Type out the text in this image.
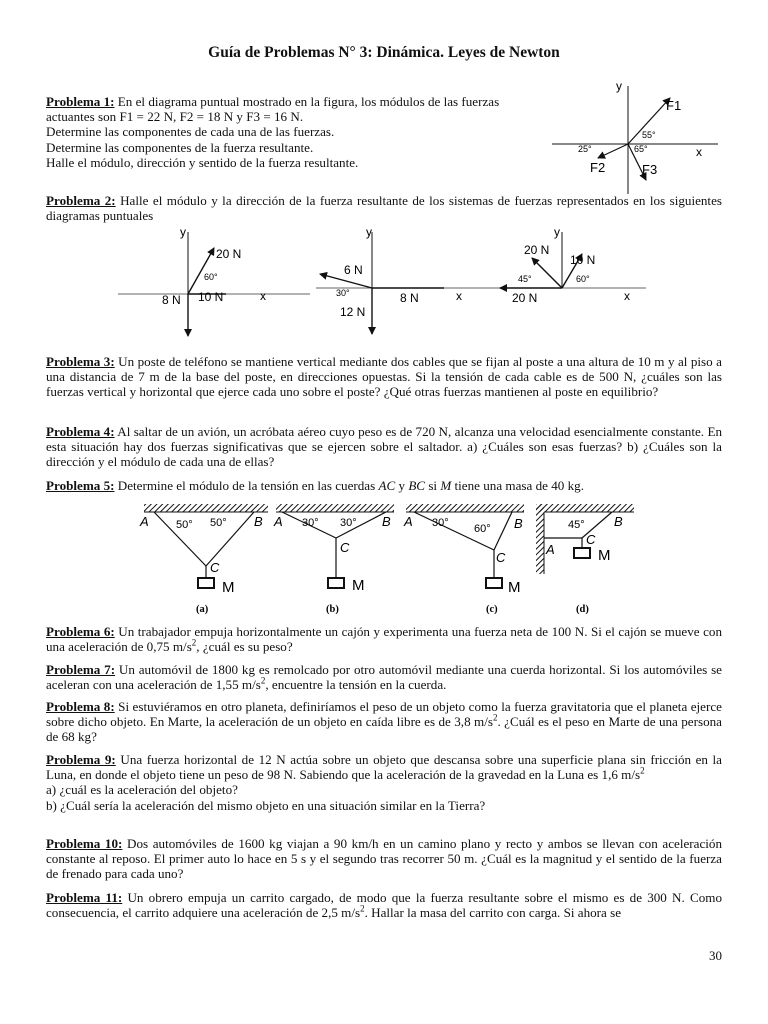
Guía de Problemas N° 3: Dinámica. Leyes de Newton
Problema 1: En el diagrama puntual mostrado en la figura, los módulos de las fuerzas
actuantes son F1 = 22 N, F2 = 18 N y F3 = 16 N.
Determine las componentes de cada una de las fuerzas.
Determine las componentes de la fuerza resultante.
Halle el módulo, dirección y sentido de la fuerza resultante.
y
x
F1
F2	F3
55°
25°	65°
Problema 2: Halle el módulo y la dirección de la fuerza resultante de los sistemas de fuerzas representados en los siguientes diagramas puntuales
y
x
20 N
60°
8 N 10 N
y
x
6 N
30°	8 N
12 N
y
x
20 N
10 N
45°	60°
20 N
Problema 3: Un poste de teléfono se mantiene vertical mediante dos cables que se fijan al poste a una altura de 10 m y al piso a una distancia de 7 m de la base del poste, en direcciones opuestas. Si la tensión de cada cable es de 500 N, ¿cuáles son las fuerzas vertical y horizontal que ejerce cada uno sobre el poste? ¿Qué otras fuerzas mantienen al poste en equilibrio?
Problema 4: Al saltar de un avión, un acróbata aéreo cuyo peso es de 720 N, alcanza una velocidad esencialmente constante. En esta situación hay dos fuerzas significativas que se ejercen sobre el saltador. a) ¿Cuáles son esas fuerzas? b) ¿Cuáles son la dirección y el módulo de cada una de ellas?
Problema 5: Determine el módulo de la tensión en las cuerdas AC y BC si M tiene una masa de 40 kg.
A	B
C
M
50° 50°
(a)
A	B
C
M
30° 30°
(b)
A	B
C
M
30° 60°
(c)
A
B
C
M
45°
(d)
Problema 6: Un trabajador empuja horizontalmente un cajón y experimenta una fuerza neta de 100 N. Si el cajón se mueve con una aceleración de 0,75 $m/s^2$, ¿cuál es su peso?
Problema 7: Un automóvil de 1800 kg es remolcado por otro automóvil mediante una cuerda horizontal. Si los automóviles se aceleran con una aceleración de 1,55 $m/s^2$, encuentre la tensión en la cuerda.
Problema 8: Si estuviéramos en otro planeta, definiríamos el peso de un objeto como la fuerza gravitatoria que el planeta ejerce sobre dicho objeto. En Marte, la aceleración de un objeto en caída libre es de 3,8 $m/s^2$. ¿Cuál es el peso en Marte de una persona de 68 kg?
Problema 9: Una fuerza horizontal de 12 N actúa sobre un objeto que descansa sobre una superficie plana sin fricción en la Luna, en donde el objeto tiene un peso de 98 N. Sabiendo que la aceleración de la gravedad en la Luna es 1,6 $m/s^2$
a) ¿cuál es la aceleración del objeto?
b) ¿Cuál sería la aceleración del mismo objeto en una situación similar en la Tierra?
Problema 10: Dos automóviles de 1600 kg viajan a 90 km/h en un camino plano y recto y ambos se llevan con aceleración constante al reposo. El primer auto lo hace en 5 s y el segundo tras recorrer 50 m. ¿Cuál es la magnitud y el sentido de la fuerza de frenado para cada uno?
Problema 11: Un obrero empuja un carrito cargado, de modo que la fuerza resultante sobre el mismo es de 300 N. Como consecuencia, el carrito adquiere una aceleración de 2,5 $m/s^2$. Hallar la masa del carrito con carga. Si ahora se
30
